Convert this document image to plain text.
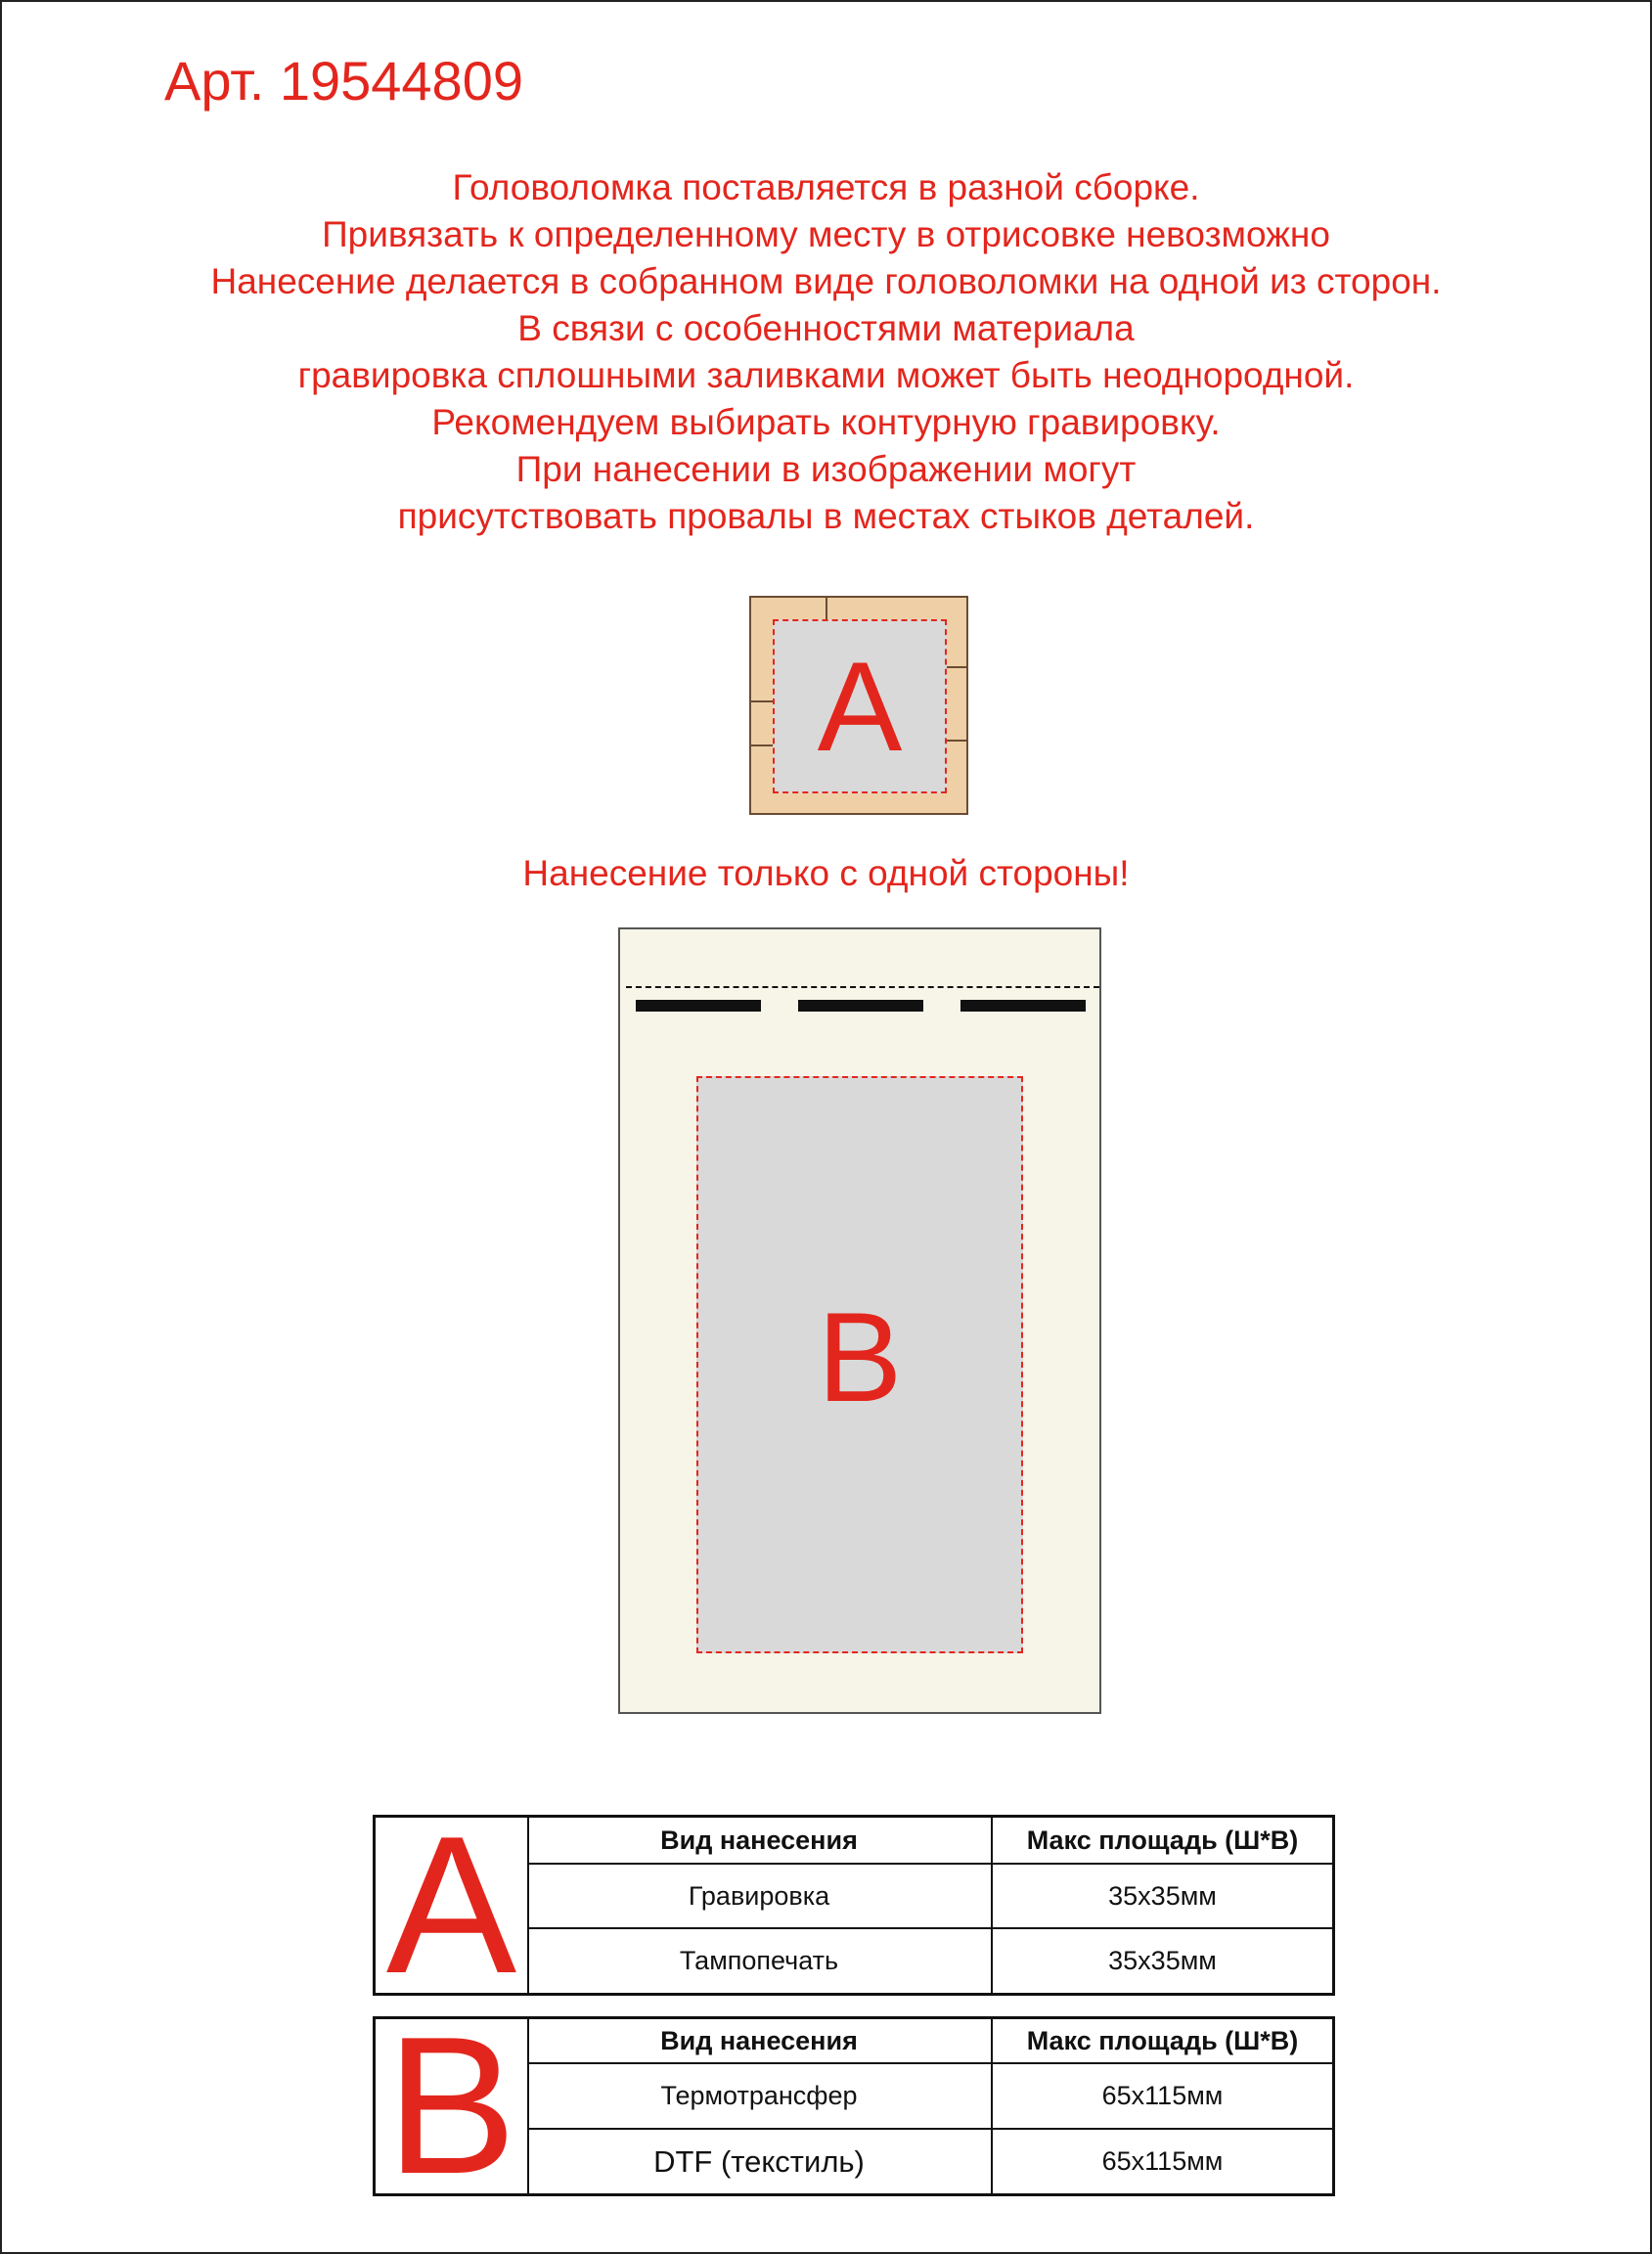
Арт. 19544809
Головоломка поставляется в разной сборке.
Привязать к определенному месту в отрисовке невозможно
Нанесение делается в собранном виде головоломки на одной из сторон.
В связи с особенностями материала
гравировка сплошными заливками может быть неоднородной.
Рекомендуем выбирать контурную гравировку.
При нанесении в изображении могут
присутствовать провалы в местах стыков деталей.
A
Нанесение только с одной стороны!
B
A	Вид нанесения	Макс площадь (Ш*В)
Гравировка	35х35мм
Тампопечать	35х35мм
B	Вид нанесения	Макс площадь (Ш*В)
Термотрансфер	65х115мм
DTF (текстиль)	65х115мм
